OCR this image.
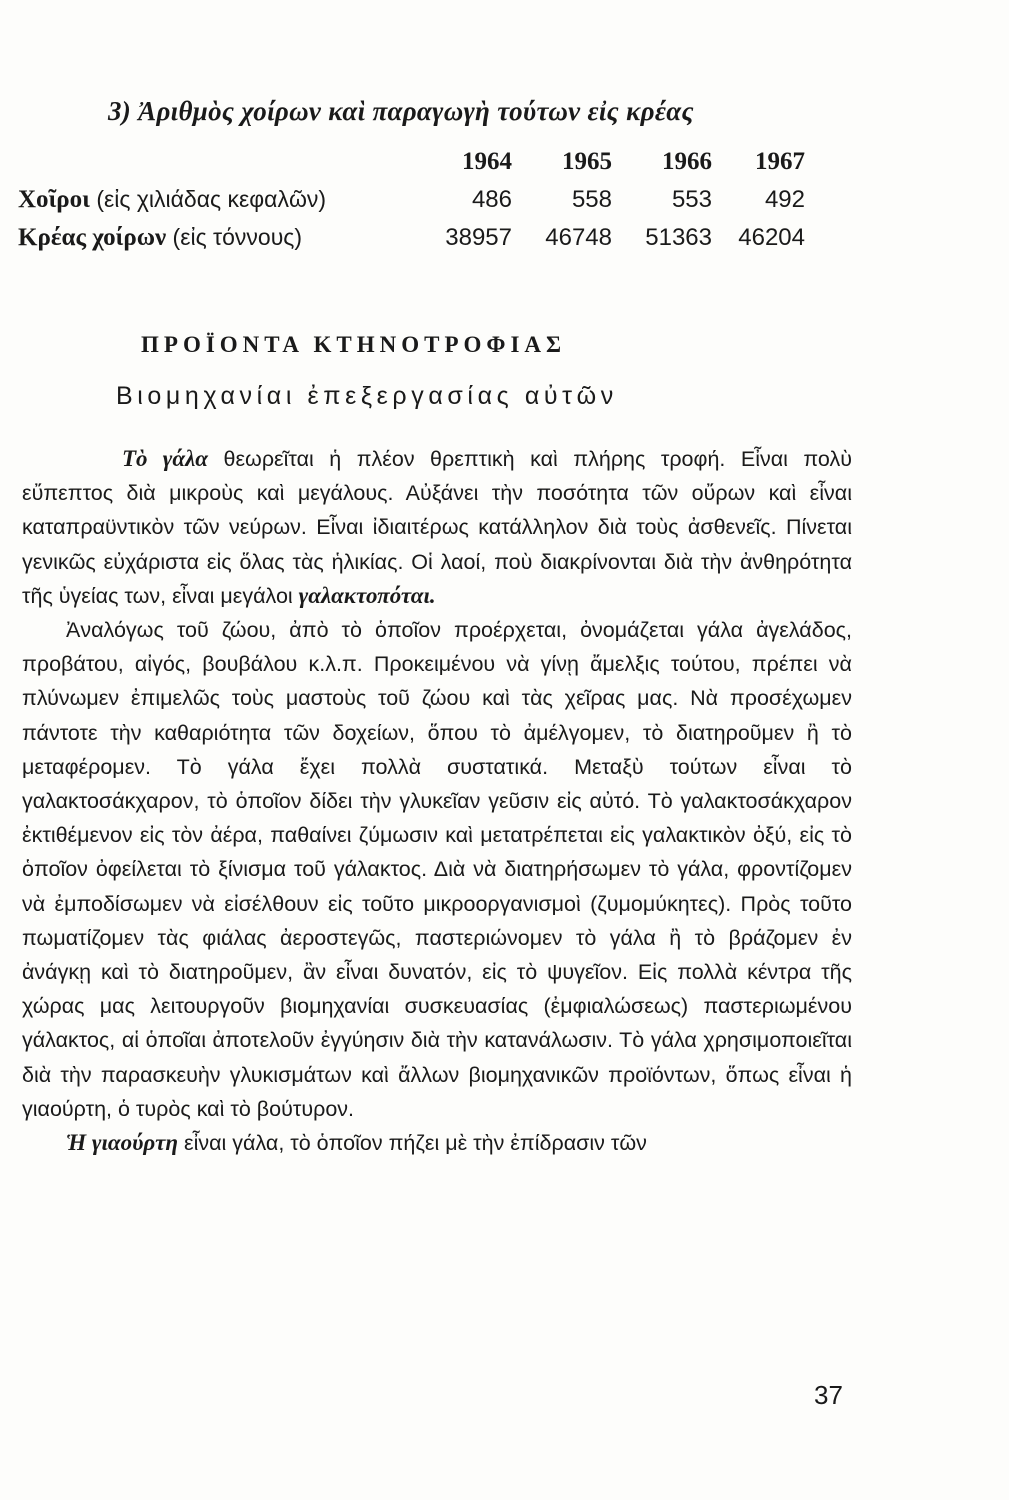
3) Ἀριθμὸς χοίρων καὶ παραγωγὴ τούτων εἰς κρέας
	1964	1965	1966	1967
Χοῖροι (εἰς χιλιάδας κεφαλῶν)	486	558	553	492
Κρέας χοίρων (εἰς τόννους)	38957	46748	51363	46204
ΠΡΟΪΟΝΤΑ ΚΤΗΝΟΤΡΟΦΙΑΣ
Βιομηχανίαι ἐπεξεργασίας αὐτῶν

Τὸ γάλα θεωρεῖται ἡ πλέον θρεπτικὴ καὶ πλήρης τροφή. Εἶναι πολὺ εὔπεπτος διὰ μικροὺς καὶ μεγάλους. Αὐξάνει τὴν ποσότητα τῶν οὔρων καὶ εἶναι καταπραϋντικὸν τῶν νεύρων. Εἶναι ἰδιαιτέρως κατάλληλον διὰ τοὺς ἀσθενεῖς. Πίνεται γενικῶς εὐχάριστα εἰς ὅλας τὰς ἡλικίας. Οἱ λαοί, ποὺ διακρίνονται διὰ τὴν ἀνθηρότητα τῆς ὑγείας των, εἶναι μεγάλοι γαλακτοπόται.

Ἀναλόγως τοῦ ζώου, ἀπὸ τὸ ὁποῖον προέρχεται, ὀνομάζεται γάλα ἀγελάδος, προβάτου, αἰγός, βουβάλου κ.λ.π. Προκειμένου νὰ γίνῃ ἄμελξις τούτου, πρέπει νὰ πλύνωμεν ἐπιμελῶς τοὺς μαστοὺς τοῦ ζώου καὶ τὰς χεῖρας μας. Νὰ προσέχωμεν πάντοτε τὴν καθαριότητα τῶν δοχείων, ὅπου τὸ ἀμέλγομεν, τὸ διατηροῦμεν ἢ τὸ μεταφέρομεν. Τὸ γάλα ἔχει πολλὰ συστατικά. Μεταξὺ τούτων εἶναι τὸ γαλακτοσάκχαρον, τὸ ὁποῖον δίδει τὴν γλυκεῖαν γεῦσιν εἰς αὐτό. Τὸ γαλακτοσάκχαρον ἐκτιθέμενον εἰς τὸν ἀέρα, παθαίνει ζύμωσιν καὶ μετατρέπεται εἰς γαλακτικὸν ὀξύ, εἰς τὸ ὁποῖον ὀφείλεται τὸ ξίνισμα τοῦ γάλακτος. Διὰ νὰ διατηρήσωμεν τὸ γάλα, φροντίζομεν νὰ ἐμποδίσωμεν νὰ εἰσέλθουν εἰς τοῦτο μικροοργανισμοὶ (ζυμομύκητες). Πρὸς τοῦτο πωματίζομεν τὰς φιάλας ἀεροστεγῶς, παστεριώνομεν τὸ γάλα ἢ τὸ βράζομεν ἐν ἀνάγκῃ καὶ τὸ διατηροῦμεν, ἂν εἶναι δυνατόν, εἰς τὸ ψυγεῖον. Εἰς πολλὰ κέντρα τῆς χώρας μας λειτουργοῦν βιομηχανίαι συσκευασίας (ἐμφιαλώσεως) παστεριωμένου γάλακτος, αἱ ὁποῖαι ἀποτελοῦν ἐγγύησιν διὰ τὴν κατανάλωσιν. Τὸ γάλα χρησιμοποιεῖται διὰ τὴν παρασκευὴν γλυκισμάτων καὶ ἄλλων βιομηχανικῶν προϊόντων, ὅπως εἶναι ἡ γιαούρτη, ὁ τυρὸς καὶ τὸ βούτυρον.

Ἡ γιαούρτη εἶναι γάλα, τὸ ὁποῖον πήζει μὲ τὴν ἐπίδρασιν τῶν

37
